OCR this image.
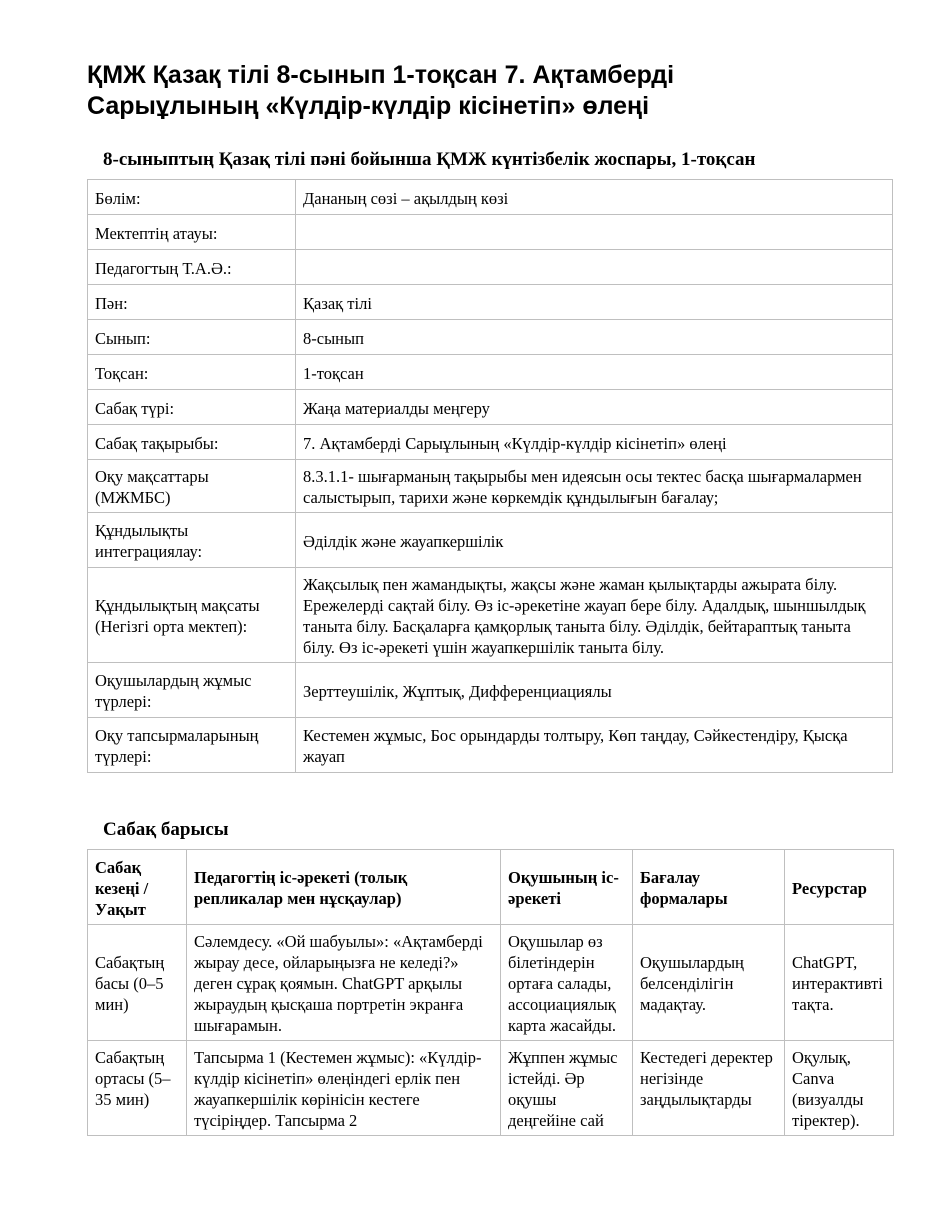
ҚМЖ Қазақ тілі 8-сынып 1-тоқсан 7. Ақтамберді Сарыұлының «Күлдір-күлдір кісінетіп» өлеңі
8-сыныптың Қазақ тілі пәні бойынша ҚМЖ күнтізбелік жоспары, 1-тоқсан
Бөлім:	Дананың сөзі – ақылдың көзі
Мектептің атауы:	
Педагогтың Т.А.Ә.:	
Пән:	Қазақ тілі
Сынып:	8-сынып
Тоқсан:	1-тоқсан
Сабақ түрі:	Жаңа материалды меңгеру
Сабақ тақырыбы:	7. Ақтамберді Сарыұлының «Күлдір-күлдір кісінетіп» өлеңі
Оқу мақсаттары (МЖМБС)	8.3.1.1- шығарманың тақырыбы мен идеясын осы тектес басқа шығармалармен салыстырып, тарихи және көркемдік құндылығын бағалау;
Құндылықты интеграциялау:	Әділдік және жауапкершілік
Құндылықтың мақсаты (Негізгі орта мектеп):	Жақсылық пен жамандықты, жақсы және жаман қылықтарды ажырата білу. Ережелерді сақтай білу. Өз іс-әрекетіне жауап бере білу. Адалдық, шыншылдық таныта білу. Басқаларға қамқорлық таныта білу. Әділдік, бейтараптық таныта білу. Өз іс-әрекеті үшін жауапкершілік таныта білу.
Оқушылардың жұмыс түрлері:	Зерттеушілік, Жұптық, Дифференциациялы
Оқу тапсырмаларының түрлері:	Кестемен жұмыс, Бос орындарды толтыру, Көп таңдау, Сәйкестендіру, Қысқа жауап
Сабақ барысы
Сабақ кезеңі / Уақыт	Педагогтің іс-әрекеті (толық репликалар мен нұсқаулар)	Оқушының іс-әрекеті	Бағалау формалары	Ресурстар
Сабақтың басы (0–5 мин)	Сәлемдесу. «Ой шабуылы»: «Ақтамберді жырау десе, ойларыңызға не келеді?» деген сұрақ қоямын. ChatGPT арқылы жыраудың қысқаша портретін экранға шығарамын.	Оқушылар өз білетіндерін ортаға салады, ассоциациялық карта жасайды.	Оқушылардың белсенділігін мадақтау.	ChatGPT, интерактивті тақта.
Сабақтың ортасы (5–35 мин)	Тапсырма 1 (Кестемен жұмыс): «Күлдір-күлдір кісінетіп» өлеңіндегі ерлік пен жауапкершілік көрінісін кестеге түсіріңдер. Тапсырма 2	Жұппен жұмыс істейді. Әр оқушы деңгейіне сай	Кестедегі деректер негізінде заңдылықтарды	Оқулық, Canva (визуалды тіректер).
